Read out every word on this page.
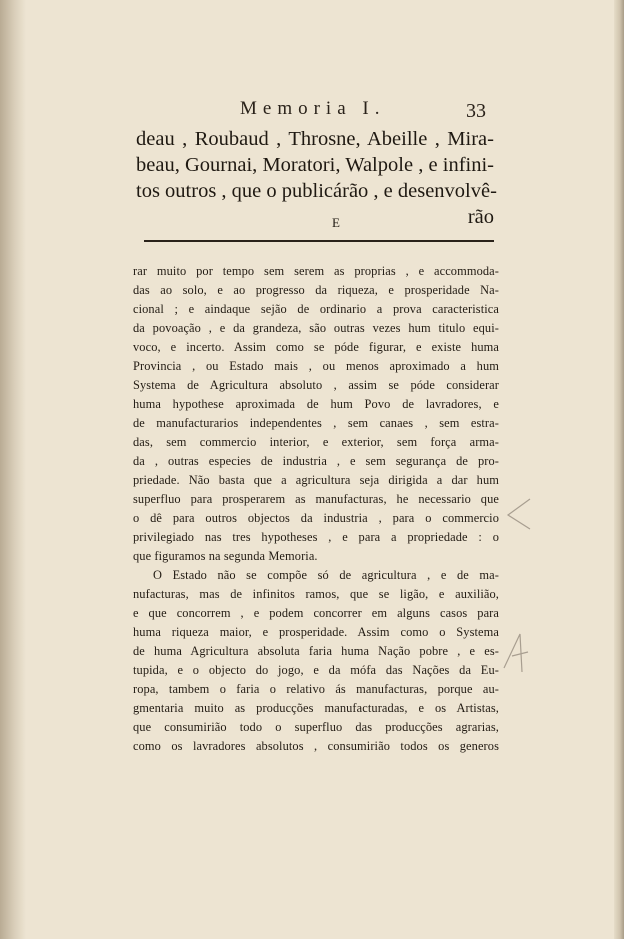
Memoria I.	33
deau , Roubaud , Throsne, Abeille , Mira-
beau, Gournai, Moratori, Walpole , e infini-
tos outros , que o publicárão , e desenvolvê-
E	rão
rar muito por tempo sem serem as proprias , e accommoda-
das ao solo, e ao progresso da riqueza, e prosperidade Na-
cional ; e aindaque sejão de ordinario a prova caracteristica
da povoação , e da grandeza, são outras vezes hum titulo equi-
voco, e incerto. Assim como se póde figurar, e existe huma
Provincia , ou Estado mais , ou menos aproximado a hum
Systema de Agricultura absoluto , assim se póde considerar
huma hypothese aproximada de hum Povo de lavradores, e
de manufacturarios independentes , sem canaes , sem estra-
das, sem commercio interior, e exterior, sem força arma-
da , outras especies de industria , e sem segurança de pro-
priedade. Não basta que a agricultura seja dirigida a dar hum
superfluo para prosperarem as manufacturas, he necessario que
o dê para outros objectos da industria , para o commercio
privilegiado nas tres hypotheses , e para a propriedade : o
que figuramos na segunda Memoria.
O Estado não se compõe só de agricultura , e de ma-
nufacturas, mas de infinitos ramos, que se ligão, e auxilião,
e que concorrem , e podem concorrer em alguns casos para
huma riqueza maior, e prosperidade. Assim como o Systema
de huma Agricultura absoluta faria huma Nação pobre , e es-
tupida, e o objecto do jogo, e da mófa das Nações da Eu-
ropa, tambem o faria o relativo ás manufacturas, porque au-
gmentaria muito as producções manufacturadas, e os Artistas,
que consumirião todo o superfluo das producções agrarias,
como os lavradores absolutos , consumirião todos os generos
